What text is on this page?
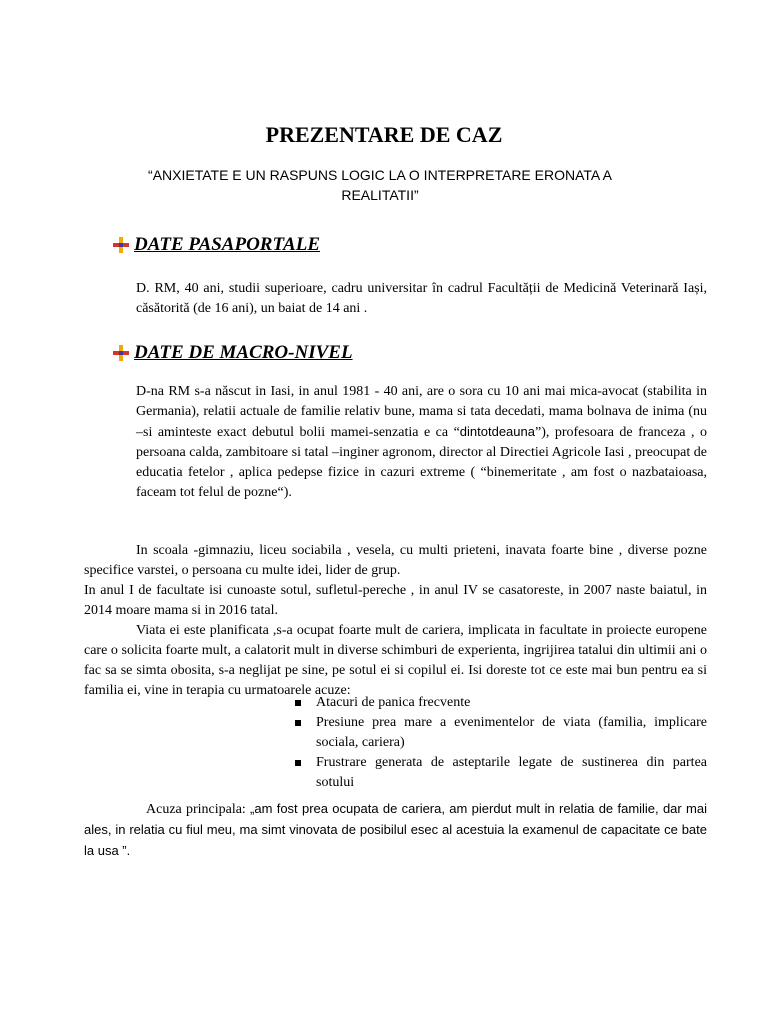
PREZENTARE DE CAZ
“ANXIETATE E UN RASPUNS LOGIC LA O INTERPRETARE ERONATA A REALITATII”
DATE PASAPORTALE

D. RM, 40 ani, studii superioare, cadru universitar în cadrul Facultății de Medicină Veterinară Iași, căsătorită (de 16 ani), un baiat de 14 ani .

DATE DE MACRO-NIVEL

D-na RM s-a născut in Iasi, in anul 1981 - 40 ani, are o sora cu 10 ani mai mica-avocat (stabilita in Germania), relatii actuale de familie relativ bune, mama si tata decedati, mama bolnava de inima (nu –si aminteste exact debutul bolii mamei-senzatia e ca “dintotdeauna”), profesoara de franceza , o persoana calda, zambitoare si tatal –inginer agronom, director al Directiei Agricole Iasi , preocupat de educatia fetelor , aplica pedepse fizice in cazuri extreme ( “binemeritate , am fost o nazbataioasa, faceam tot felul de pozne“).

In scoala -gimnaziu, liceu sociabila , vesela, cu multi prieteni, inavata foarte bine , diverse pozne specifice varstei, o persoana cu multe idei, lider de grup.

In anul I de facultate isi cunoaste sotul, sufletul-pereche , in anul IV se casatoreste, in 2007 naste baiatul, in 2014 moare mama si in 2016 tatal.

Viata ei este planificata ,s-a ocupat foarte mult de cariera, implicata in facultate in proiecte europene care o solicita foarte mult, a calatorit mult in diverse schimburi de experienta, ingrijirea tatalui din ultimii ani o fac sa se simta obosita, s-a neglijat pe sine, pe sotul ei si copilul ei. Isi doreste tot ce este mai bun pentru ea si familia ei, vine in terapia cu urmatoarele acuze:

Atacuri de panica frecvente
Presiune prea mare a evenimentelor de viata (familia, implicare sociala, cariera)
Frustrare generata de asteptarile legate de sustinerea din partea sotului

Acuza principala: „am fost prea ocupata de cariera, am pierdut mult in relatia de familie, dar mai ales, in relatia cu fiul meu, ma simt vinovata de posibilul esec al acestuia la examenul de capacitate ce bate la usa ”.
